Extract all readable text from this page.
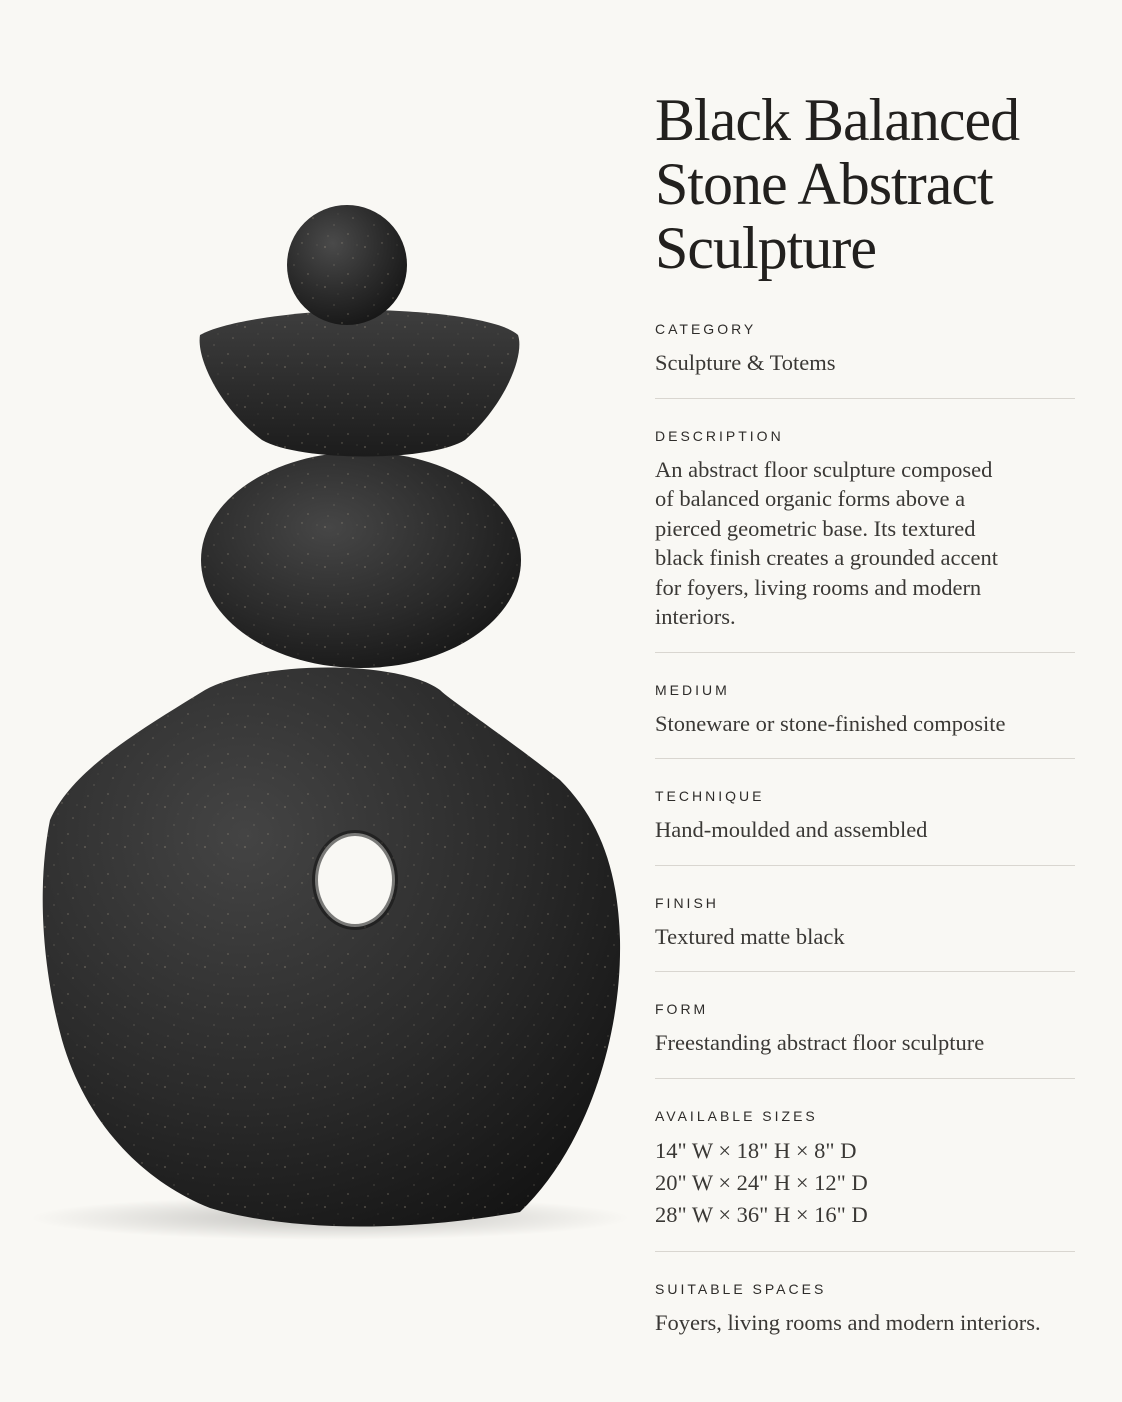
Black Balanced
Stone Abstract
Sculpture
CATEGORY
Sculpture & Totems
DESCRIPTION
An abstract floor sculpture composed
of balanced organic forms above a
pierced geometric base. Its textured
black finish creates a grounded accent
for foyers, living rooms and modern
interiors.
MEDIUM
Stoneware or stone-finished composite
TECHNIQUE
Hand-moulded and assembled
FINISH
Textured matte black
FORM
Freestanding abstract floor sculpture
AVAILABLE SIZES
14" W × 18" H × 8" D
20" W × 24" H × 12" D
28" W × 36" H × 16" D
SUITABLE SPACES
Foyers, living rooms and modern interiors.
